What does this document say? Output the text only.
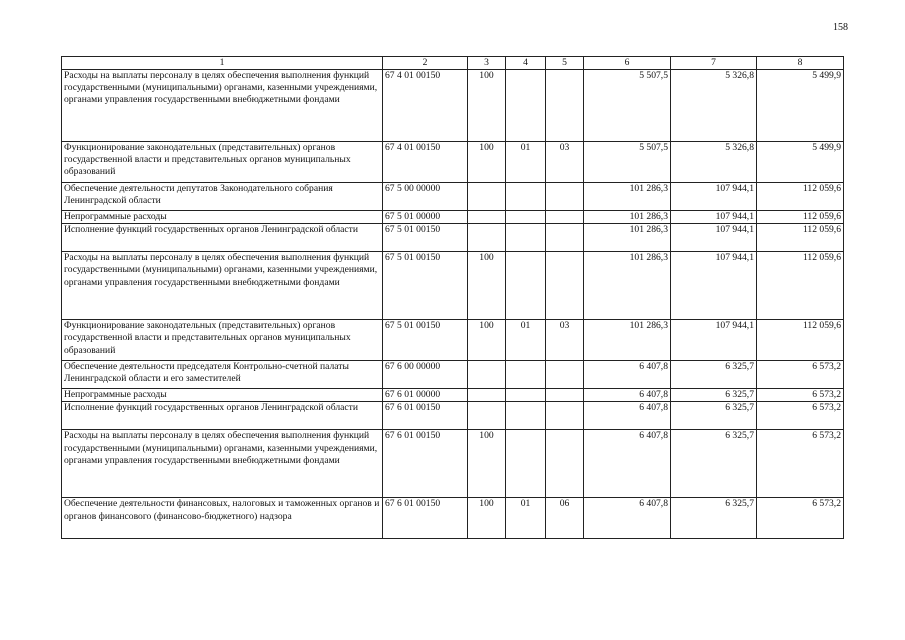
158
1	2	3	4	5	6	7	8
Расходы на выплаты персоналу в целях обеспечения выполнения функций государственными (муниципальными) органами, казенными учреждениями, органами управления государственными внебюджетными фондами	67 4 01 00150	100			5 507,5	5 326,8	5 499,9
Функционирование законодательных (представительных) органов государственной власти и представительных органов муниципальных образований	67 4 01 00150	100	01	03	5 507,5	5 326,8	5 499,9
Обеспечение деятельности депутатов Законодательного собрания Ленинградской области	67 5 00 00000				101 286,3	107 944,1	112 059,6
Непрограммные расходы	67 5 01 00000				101 286,3	107 944,1	112 059,6
Исполнение функций государственных органов Ленинградской области	67 5 01 00150				101 286,3	107 944,1	112 059,6
Расходы на выплаты персоналу в целях обеспечения выполнения функций государственными (муниципальными) органами, казенными учреждениями, органами управления государственными внебюджетными фондами	67 5 01 00150	100			101 286,3	107 944,1	112 059,6
Функционирование законодательных (представительных) органов государственной власти и представительных органов муниципальных образований	67 5 01 00150	100	01	03	101 286,3	107 944,1	112 059,6
Обеспечение деятельности председателя Контрольно-счетной палаты Ленинградской области и его заместителей	67 6 00 00000				6 407,8	6 325,7	6 573,2
Непрограммные расходы	67 6 01 00000				6 407,8	6 325,7	6 573,2
Исполнение функций государственных органов Ленинградской области	67 6 01 00150				6 407,8	6 325,7	6 573,2
Расходы на выплаты персоналу в целях обеспечения выполнения функций государственными (муниципальными) органами, казенными учреждениями, органами управления государственными внебюджетными фондами	67 6 01 00150	100			6 407,8	6 325,7	6 573,2
Обеспечение деятельности финансовых, налоговых и таможенных органов и органов финансового (финансово-бюджетного) надзора	67 6 01 00150	100	01	06	6 407,8	6 325,7	6 573,2
